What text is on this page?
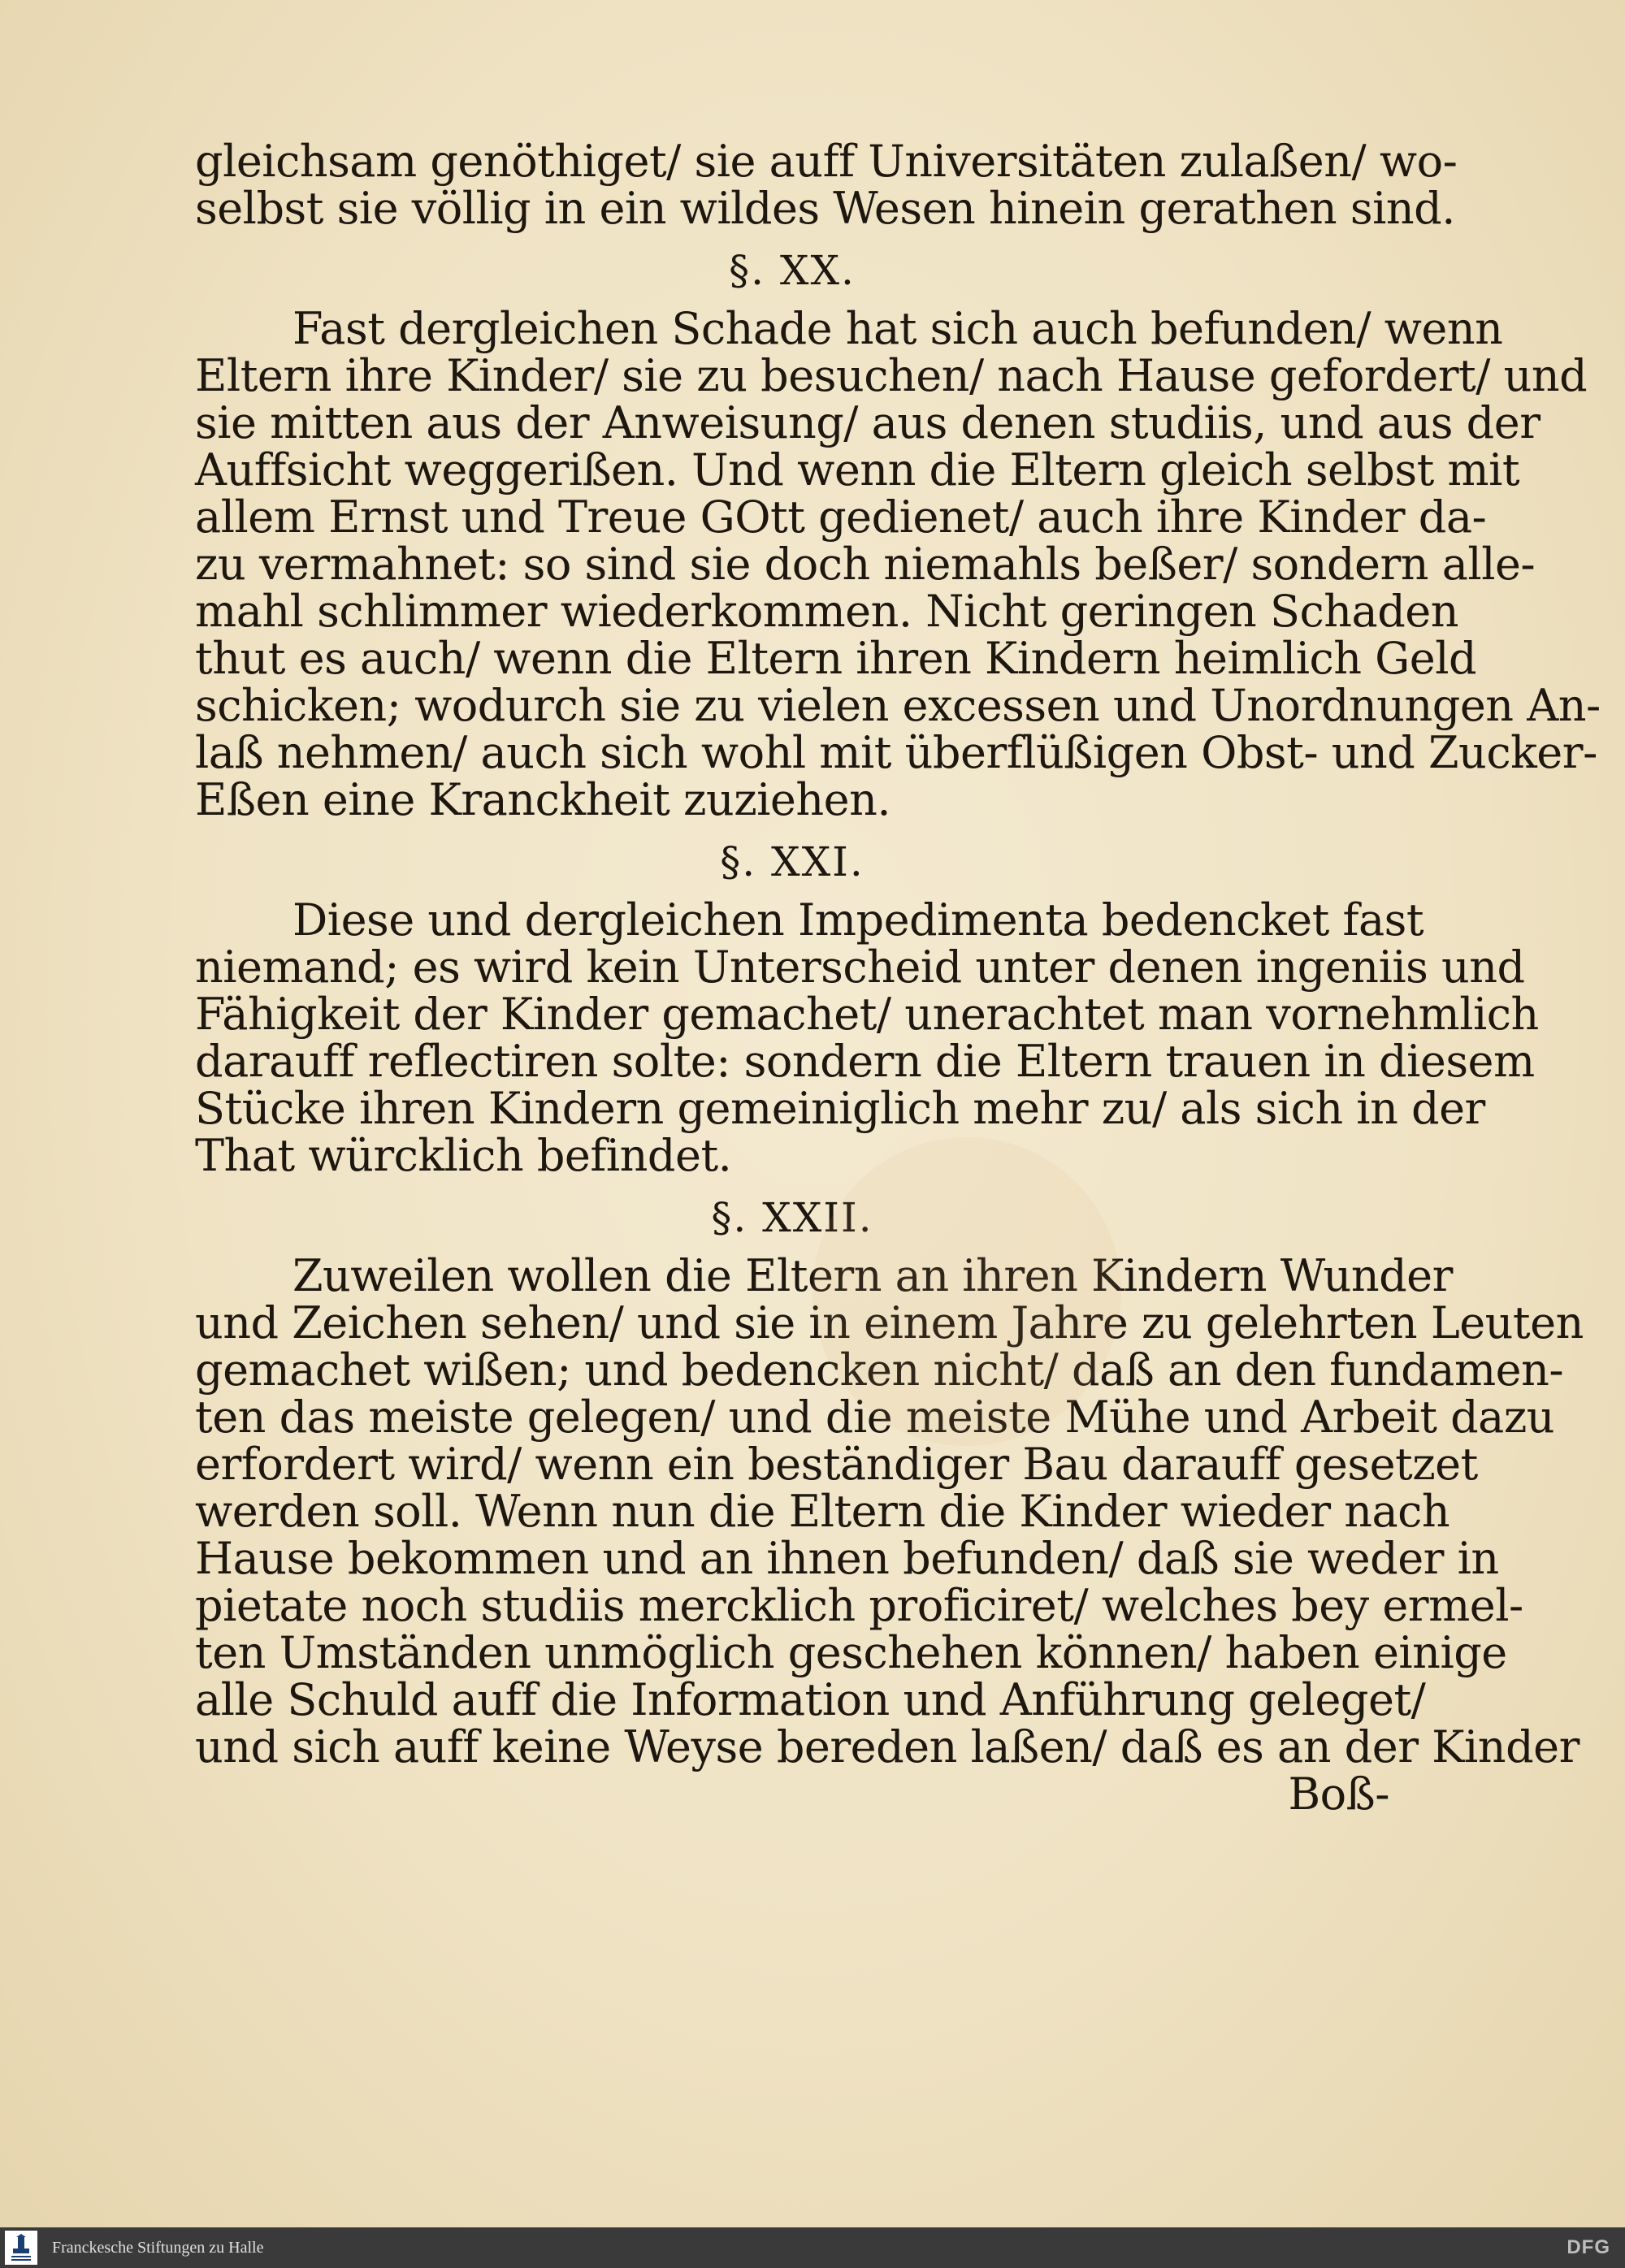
gleichsam genöthiget/ sie auff Universitäten zulaßen/ wo-
selbst sie völlig in ein wildes Wesen hinein gerathen sind.
§. XX.
Fast dergleichen Schade hat sich auch befunden/ wenn
Eltern ihre Kinder/ sie zu besuchen/ nach Hause gefordert/ und
sie mitten aus der Anweisung/ aus denen studiis, und aus der
Auffsicht weggerißen. Und wenn die Eltern gleich selbst mit
allem Ernst und Treue GOtt gedienet/ auch ihre Kinder da-
zu vermahnet: so sind sie doch niemahls beßer/ sondern alle-
mahl schlimmer wiederkommen. Nicht geringen Schaden
thut es auch/ wenn die Eltern ihren Kindern heimlich Geld
schicken; wodurch sie zu vielen excessen und Unordnungen An-
laß nehmen/ auch sich wohl mit überflüßigen Obst- und Zucker-
Eßen eine Kranckheit zuziehen.
§. XXI.
Diese und dergleichen Impedimenta bedencket fast
niemand; es wird kein Unterscheid unter denen ingeniis und
Fähigkeit der Kinder gemachet/ unerachtet man vornehmlich
darauff reflectiren solte: sondern die Eltern trauen in diesem
Stücke ihren Kindern gemeiniglich mehr zu/ als sich in der
That würcklich befindet.
§. XXII.
Zuweilen wollen die Eltern an ihren Kindern Wunder
und Zeichen sehen/ und sie in einem Jahre zu gelehrten Leuten
gemachet wißen; und bedencken nicht/ daß an den fundamen-
ten das meiste gelegen/ und die meiste Mühe und Arbeit dazu
erfordert wird/ wenn ein beständiger Bau darauff gesetzet
werden soll. Wenn nun die Eltern die Kinder wieder nach
Hause bekommen und an ihnen befunden/ daß sie weder in
pietate noch studiis mercklich proficiret/ welches bey ermel-
ten Umständen unmöglich geschehen können/ haben einige
alle Schuld auff die Information und Anführung geleget/
und sich auff keine Weyse bereden laßen/ daß es an der Kinder
Boß-
Franckesche Stiftungen zu Halle	DFG
